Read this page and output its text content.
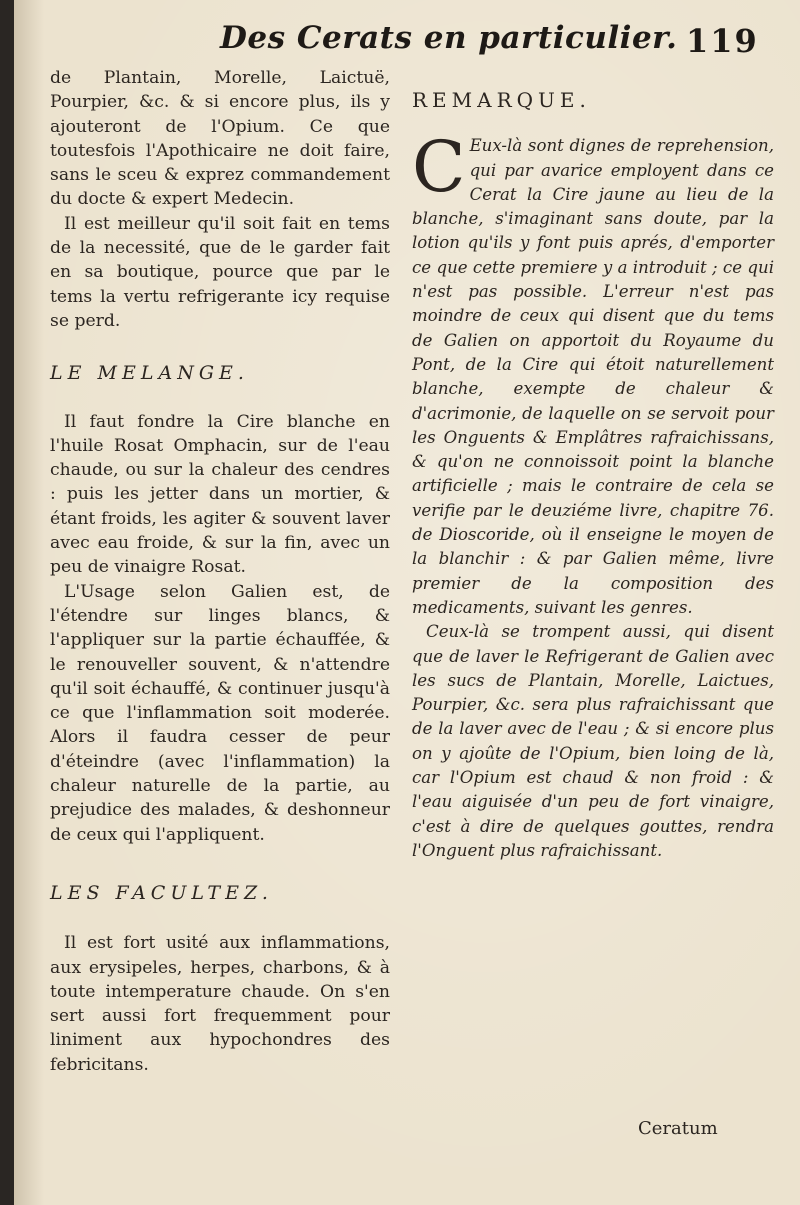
Des Cerats en particulier. 119

de Plantain, Morelle, Laictuë, Pourpier, &c. & si encore plus, ils y ajouteront de l'Opium. Ce que toutesfois l'Apothicaire ne doit faire, sans le sceu & exprez commandement du docte & expert Medecin.

Il est meilleur qu'il soit fait en tems de la necessité, que de le garder fait en sa boutique, pource que par le tems la vertu refrigerante icy requise se perd.

LE MELANGE.

Il faut fondre la Cire blanche en l'huile Rosat Omphacin, sur de l'eau chaude, ou sur la chaleur des cendres : puis les jetter dans un mortier, & étant froids, les agiter & souvent laver avec eau froide, & sur la fin, avec un peu de vinaigre Rosat.

L'Usage selon Galien est, de l'étendre sur linges blancs, & l'appliquer sur la partie échauffée, & le renouveller souvent, & n'attendre qu'il soit échauffé, & continuer jusqu'à ce que l'inflammation soit moderée. Alors il faudra cesser de peur d'éteindre (avec l'inflammation) la chaleur naturelle de la partie, au prejudice des malades, & deshonneur de ceux qui l'appliquent.

LES FACULTEZ.

Il est fort usité aux inflammations, aux erysipeles, herpes, charbons, & à toute intemperature chaude. On s'en sert aussi fort frequemment pour liniment aux hypochondres des febricitans.

REMARQUE.

C Eux-là sont dignes de reprehension, qui par avarice employent dans ce Cerat la Cire jaune au lieu de la blanche, s'imaginant sans doute, par la lotion qu'ils y font puis aprés, d'emporter ce que cette premiere y a introduit ; ce qui n'est pas possible. L'erreur n'est pas moindre de ceux qui disent que du tems de Galien on apportoit du Royaume du Pont, de la Cire qui étoit naturellement blanche, exempte de chaleur & d'acrimonie, de laquelle on se servoit pour les Onguents & Emplâtres rafraichissans, & qu'on ne connoissoit point la blanche artificielle ; mais le contraire de cela se verifie par le deuziéme livre, chapitre 76. de Dioscoride, où il enseigne le moyen de la blanchir : & par Galien même, livre premier de la composition des medicaments, suivant les genres.

Ceux-là se trompent aussi, qui disent que de laver le Refrigerant de Galien avec les sucs de Plantain, Morelle, Laictues, Pourpier, &c. sera plus rafraichissant que de la laver avec de l'eau ; & si encore plus on y ajoûte de l'Opium, bien loing de là, car l'Opium est chaud & non froid : & l'eau aiguisée d'un peu de fort vinaigre, c'est à dire de quelques gouttes, rendra l'Onguent plus rafraichissant.

Ceratum
